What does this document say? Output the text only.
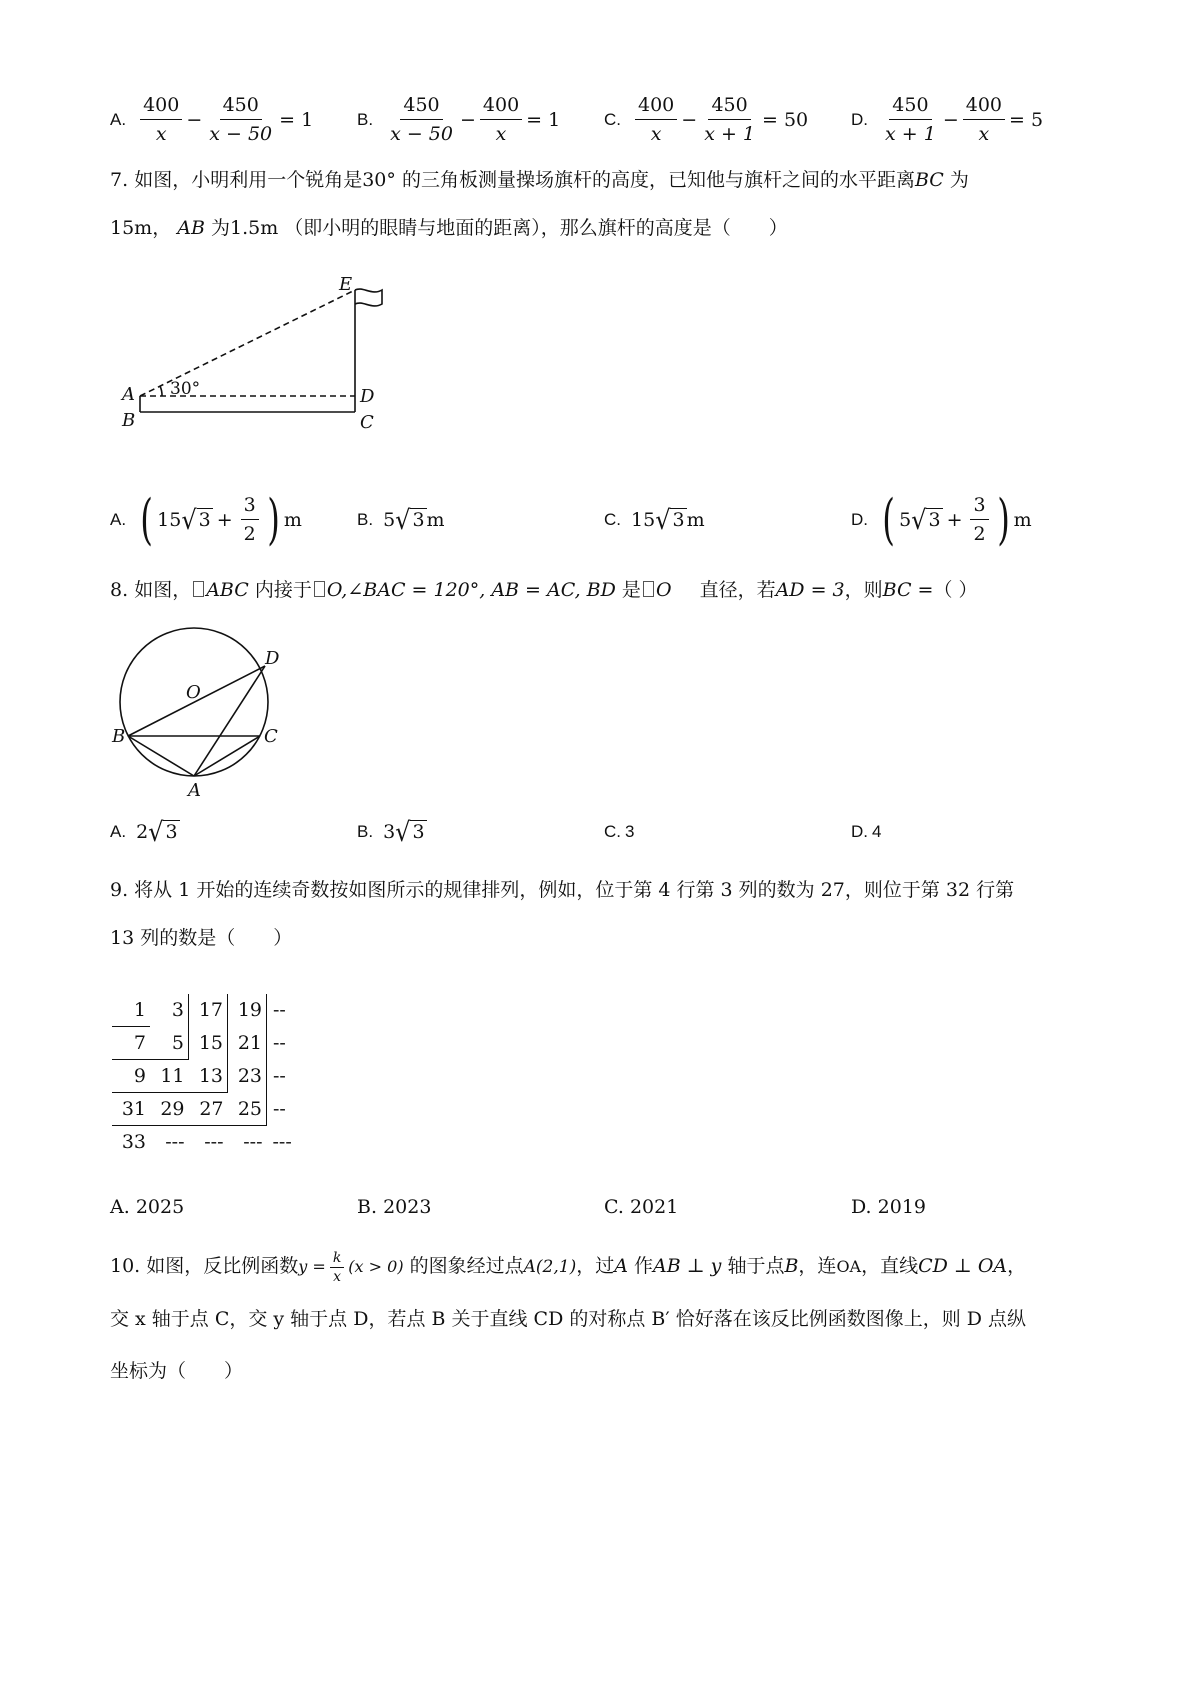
A. $\frac{400}{x} - \frac{450}{x - 50} = 1$	B. $\frac{450}{x - 50} - \frac{400}{x} = 1$	C. $\frac{400}{x} - \frac{450}{x + 1} = 50$	D. $\frac{450}{x + 1} - \frac{400}{x} = 5$
7. 如图，小明利用一个锐角是30° 的三角板测量操场旗杆的高度，已知他与旗杆之间的水平距离BC 为
15m， AB 为1.5m （即小明的眼睛与地面的距离），那么旗杆的高度是（　　）
E
A
B	C
D
30°
A. ( 15 √ $3 + \frac{3}{2}$ ) m	B. 5 √ 3 m	C. 15 √ 3 m	D. ( 5 √ $3 + \frac{3}{2}$ ) m
8. 如图， ABC 内接于 O,∠BAC = 120°, AB = AC, BD 是 O 直径，若AD = 3，则BC =（ ）
O
D
B	C
A
A. 2 √ 3	B. 3 √ 3	C. 3	D. 4
9. 将从 1 开始的连续奇数按如图所示的规律排列，例如，位于第 4 行第 3 列的数为 27，则位于第 32 行第
13 列的数是（　　）
1	3	17	19	--
7	5	15	21	--
9	11	13	23	--
31	29	27	25	--
33	---	---	---	---
A.
2025	B.
2023	C.
2021	D.
2019
10. 如图，反比例函数$y = \frac{k}{x} (x > 0)$ 的图象经过点A(2,1)，过A 作AB ⊥ y 轴于点B，连OA，直线CD ⊥ OA，
交 x 轴于点 C，交 y 轴于点 D，若点 B 关于直线 CD 的对称点 B′ 恰好落在该反比例函数图像上，则 D 点纵
坐标为（　　）
